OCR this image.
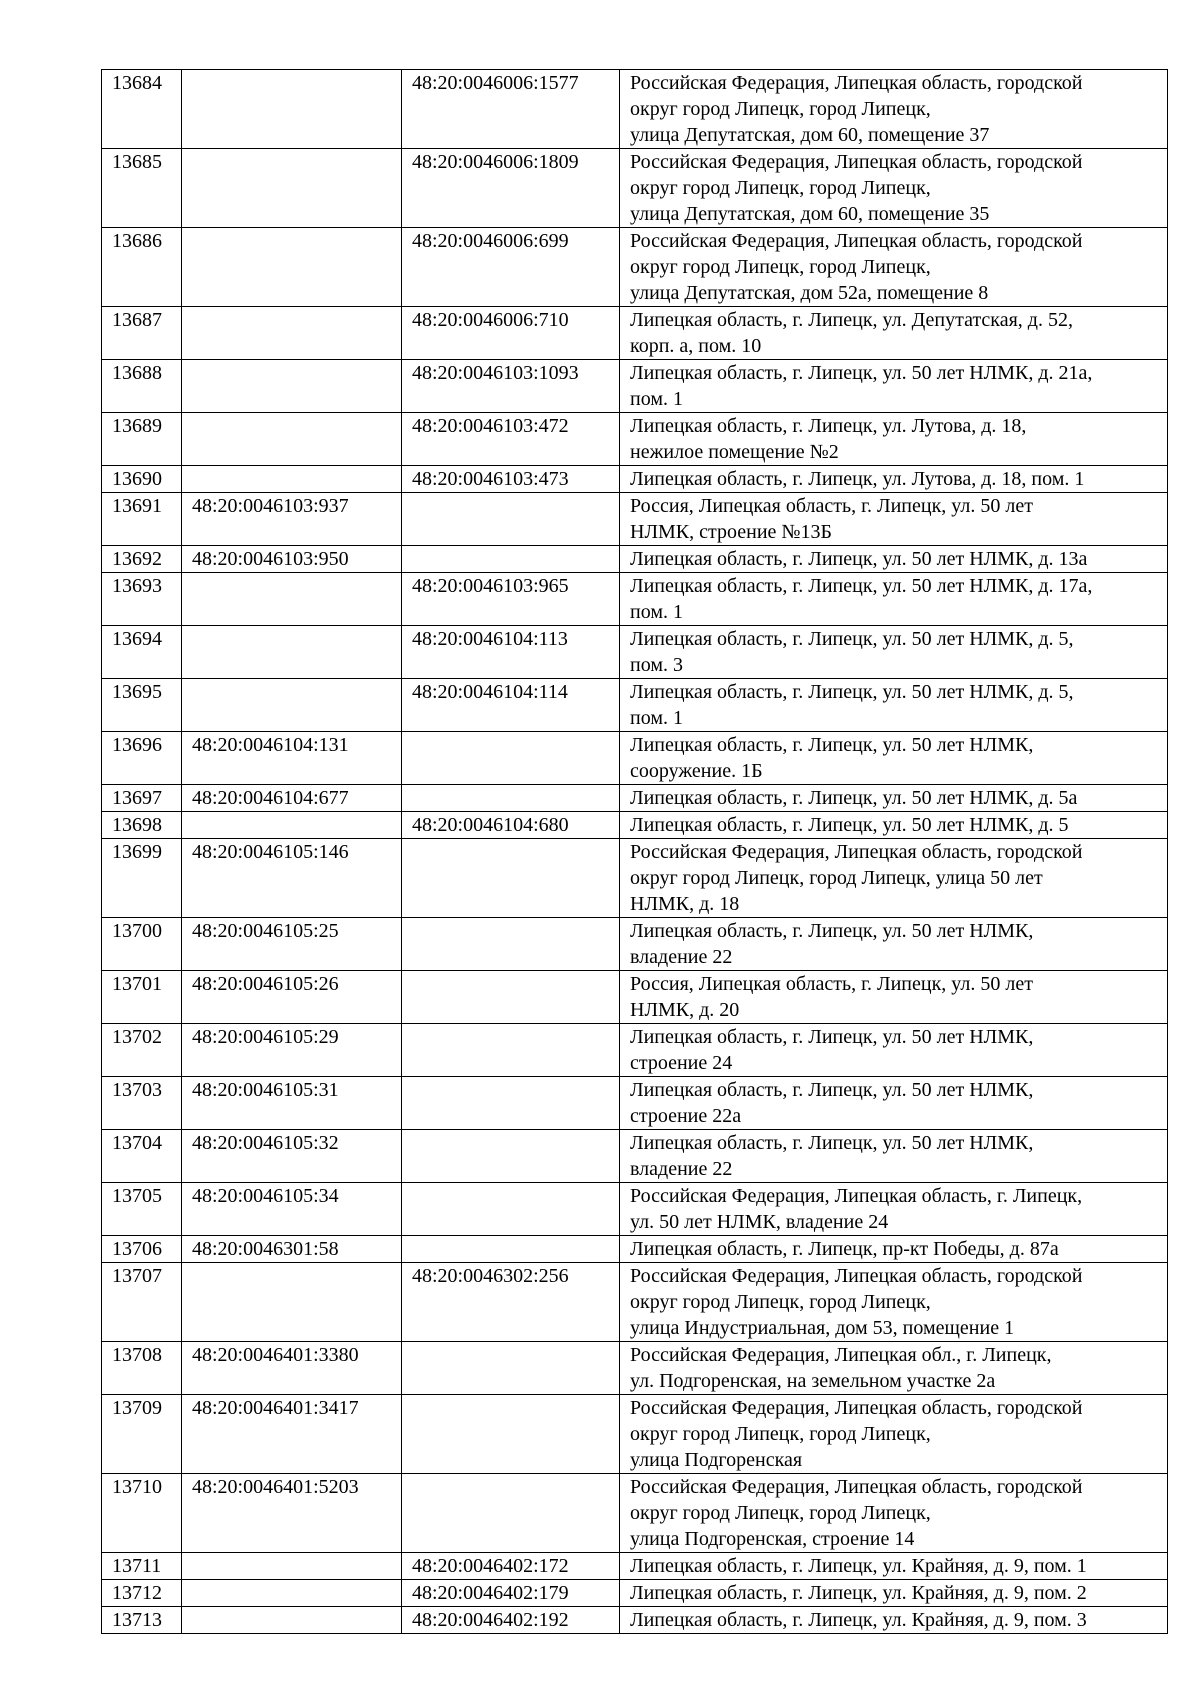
13684		48:20:0046006:1577	Российская Федерация, Липецкая область, городской
округ город Липецк, город Липецк,
улица Депутатская, дом 60, помещение 37
13685		48:20:0046006:1809	Российская Федерация, Липецкая область, городской
округ город Липецк, город Липецк,
улица Депутатская, дом 60, помещение 35
13686		48:20:0046006:699	Российская Федерация, Липецкая область, городской
округ город Липецк, город Липецк,
улица Депутатская, дом 52а, помещение 8
13687		48:20:0046006:710	Липецкая область, г. Липецк, ул. Депутатская, д. 52,
корп. а, пом. 10
13688		48:20:0046103:1093	Липецкая область, г. Липецк, ул. 50 лет НЛМК, д. 21а,
пом. 1
13689		48:20:0046103:472	Липецкая область, г. Липецк, ул. Лутова, д. 18,
нежилое помещение №2
13690		48:20:0046103:473	Липецкая область, г. Липецк, ул. Лутова, д. 18, пом. 1
13691	48:20:0046103:937		Россия, Липецкая область, г. Липецк, ул. 50 лет
НЛМК, строение №13Б
13692	48:20:0046103:950		Липецкая область, г. Липецк, ул. 50 лет НЛМК, д. 13а
13693		48:20:0046103:965	Липецкая область, г. Липецк, ул. 50 лет НЛМК, д. 17а,
пом. 1
13694		48:20:0046104:113	Липецкая область, г. Липецк, ул. 50 лет НЛМК, д. 5,
пом. 3
13695		48:20:0046104:114	Липецкая область, г. Липецк, ул. 50 лет НЛМК, д. 5,
пом. 1
13696	48:20:0046104:131		Липецкая область, г. Липецк, ул. 50 лет НЛМК,
сооружение. 1Б
13697	48:20:0046104:677		Липецкая область, г. Липецк, ул. 50 лет НЛМК, д. 5а
13698		48:20:0046104:680	Липецкая область, г. Липецк, ул. 50 лет НЛМК, д. 5
13699	48:20:0046105:146		Российская Федерация, Липецкая область, городской
округ город Липецк, город Липецк, улица 50 лет
НЛМК, д. 18
13700	48:20:0046105:25		Липецкая область, г. Липецк, ул. 50 лет НЛМК,
владение 22
13701	48:20:0046105:26		Россия, Липецкая область, г. Липецк, ул. 50 лет
НЛМК, д. 20
13702	48:20:0046105:29		Липецкая область, г. Липецк, ул. 50 лет НЛМК,
строение 24
13703	48:20:0046105:31		Липецкая область, г. Липецк, ул. 50 лет НЛМК,
строение 22а
13704	48:20:0046105:32		Липецкая область, г. Липецк, ул. 50 лет НЛМК,
владение 22
13705	48:20:0046105:34		Российская Федерация, Липецкая область, г. Липецк,
ул. 50 лет НЛМК, владение 24
13706	48:20:0046301:58		Липецкая область, г. Липецк, пр-кт Победы, д. 87а
13707		48:20:0046302:256	Российская Федерация, Липецкая область, городской
округ город Липецк, город Липецк,
улица Индустриальная, дом 53, помещение 1
13708	48:20:0046401:3380		Российская Федерация, Липецкая обл., г. Липецк,
ул. Подгоренская, на земельном участке 2а
13709	48:20:0046401:3417		Российская Федерация, Липецкая область, городской
округ город Липецк, город Липецк,
улица Подгоренская
13710	48:20:0046401:5203		Российская Федерация, Липецкая область, городской
округ город Липецк, город Липецк,
улица Подгоренская, строение 14
13711		48:20:0046402:172	Липецкая область, г. Липецк, ул. Крайняя, д. 9, пом. 1
13712		48:20:0046402:179	Липецкая область, г. Липецк, ул. Крайняя, д. 9, пом. 2
13713		48:20:0046402:192	Липецкая область, г. Липецк, ул. Крайняя, д. 9, пом. 3
